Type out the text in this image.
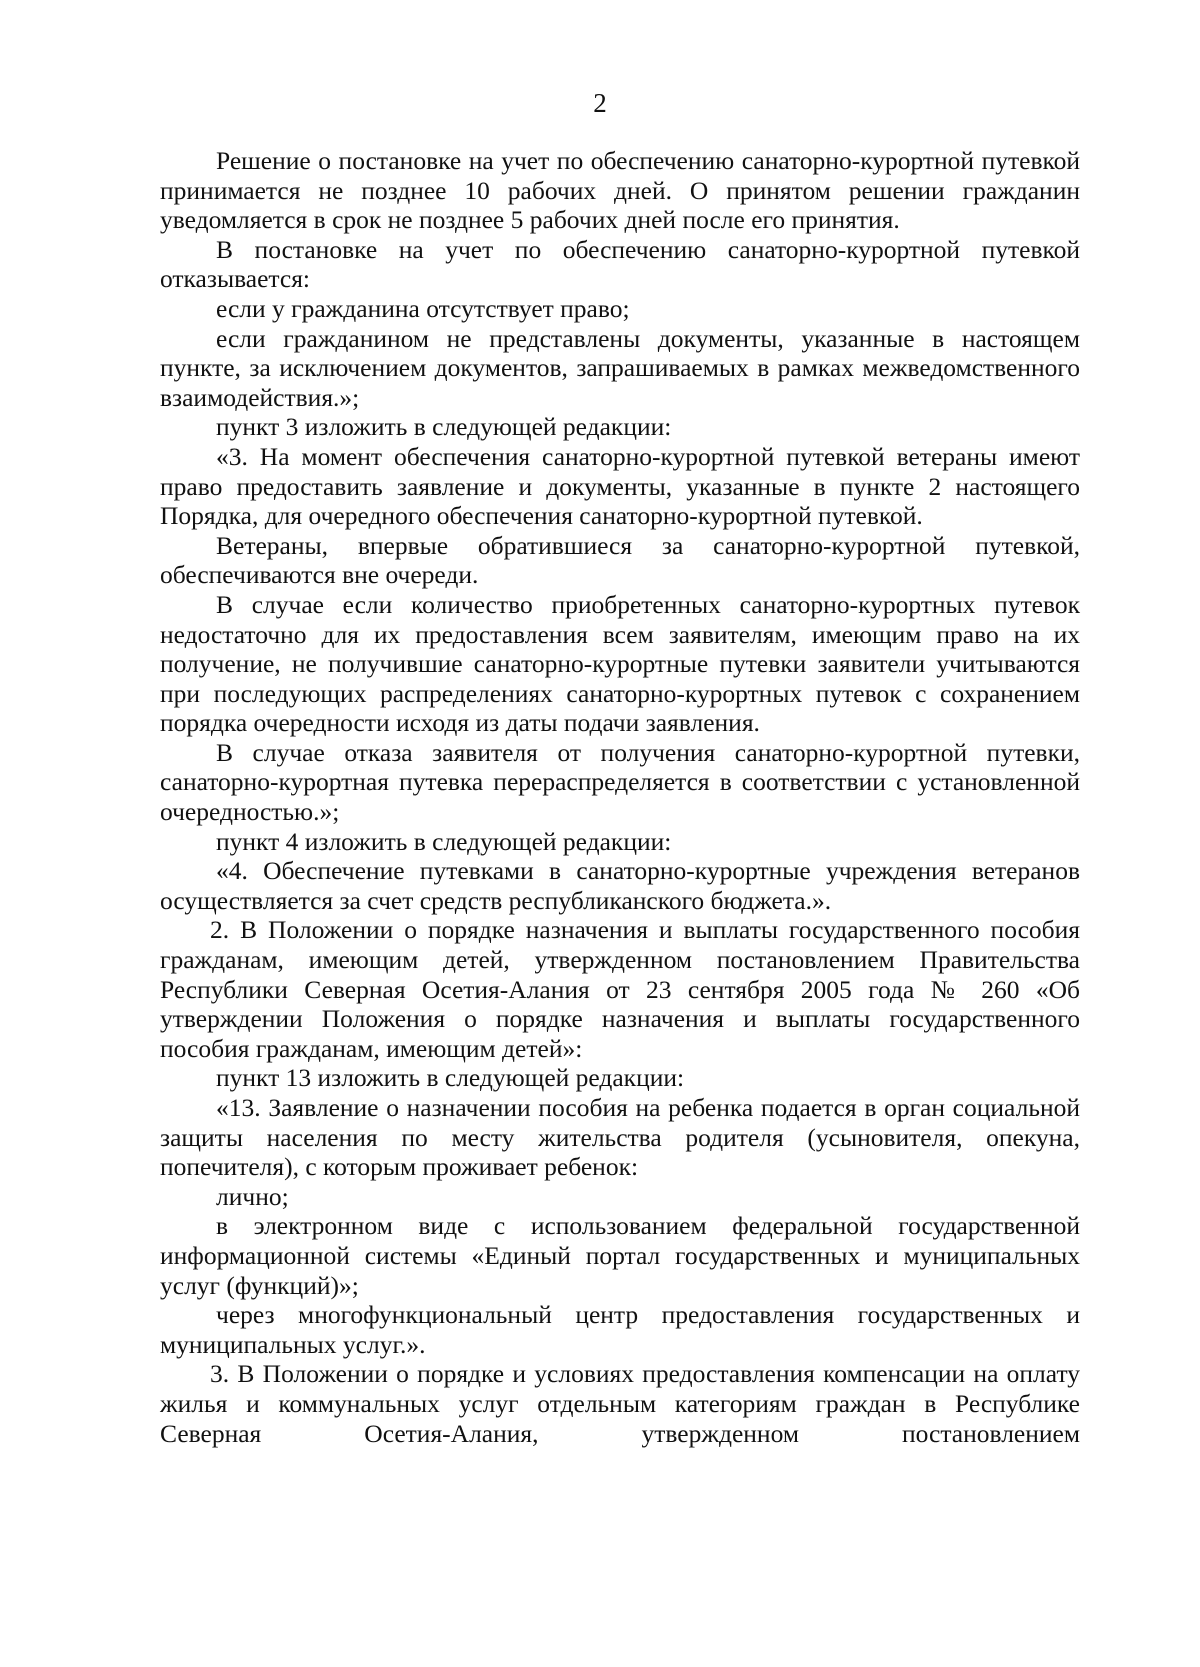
2

Решение о постановке на учет по обеспечению санаторно-курортной путевкой принимается не позднее 10 рабочих дней. О принятом решении гражданин уведомляется в срок не позднее 5 рабочих дней после его принятия.

В постановке на учет по обеспечению санаторно-курортной путевкой отказывается:

если у гражданина отсутствует право;

если гражданином не представлены документы, указанные в настоящем пункте, за исключением документов, запрашиваемых в рамках межведомственного взаимодействия.»;

пункт 3 изложить в следующей редакции:

«3. На момент обеспечения санаторно-курортной путевкой ветераны имеют право предоставить заявление и документы, указанные в пункте 2 настоящего Порядка, для очередного обеспечения санаторно-курортной путевкой.

Ветераны, впервые обратившиеся за санаторно-курортной путевкой, обеспечиваются вне очереди.

В случае если количество приобретенных санаторно-курортных путевок недостаточно для их предоставления всем заявителям, имеющим право на их получение, не получившие санаторно-курортные путевки заявители учитываются при последующих распределениях санаторно-курортных путевок с сохранением порядка очередности исходя из даты подачи заявления.

В случае отказа заявителя от получения санаторно-курортной путевки, санаторно-курортная путевка перераспределяется в соответствии с установленной очередностью.»;

пункт 4 изложить в следующей редакции:

«4. Обеспечение путевками в санаторно-курортные учреждения ветеранов осуществляется за счет средств республиканского бюджета.».

2. В Положении о порядке назначения и выплаты государственного пособия гражданам, имеющим детей, утвержденном постановлением Правительства Республики Северная Осетия-Алания от 23 сентября 2005 года № 260 «Об утверждении Положения о порядке назначения и выплаты государственного пособия гражданам, имеющим детей»:

пункт 13 изложить в следующей редакции:

«13. Заявление о назначении пособия на ребенка подается в орган социальной защиты населения по месту жительства родителя (усыновителя, опекуна, попечителя), с которым проживает ребенок:

лично;

в электронном виде с использованием федеральной государственной информационной системы «Единый портал государственных и муниципальных услуг (функций)»;

через многофункциональный центр предоставления государственных и муниципальных услуг.».

3. В Положении о порядке и условиях предоставления компенсации на оплату жилья и коммунальных услуг отдельным категориям граждан в Республике Северная Осетия-Алания, утвержденном постановлением
